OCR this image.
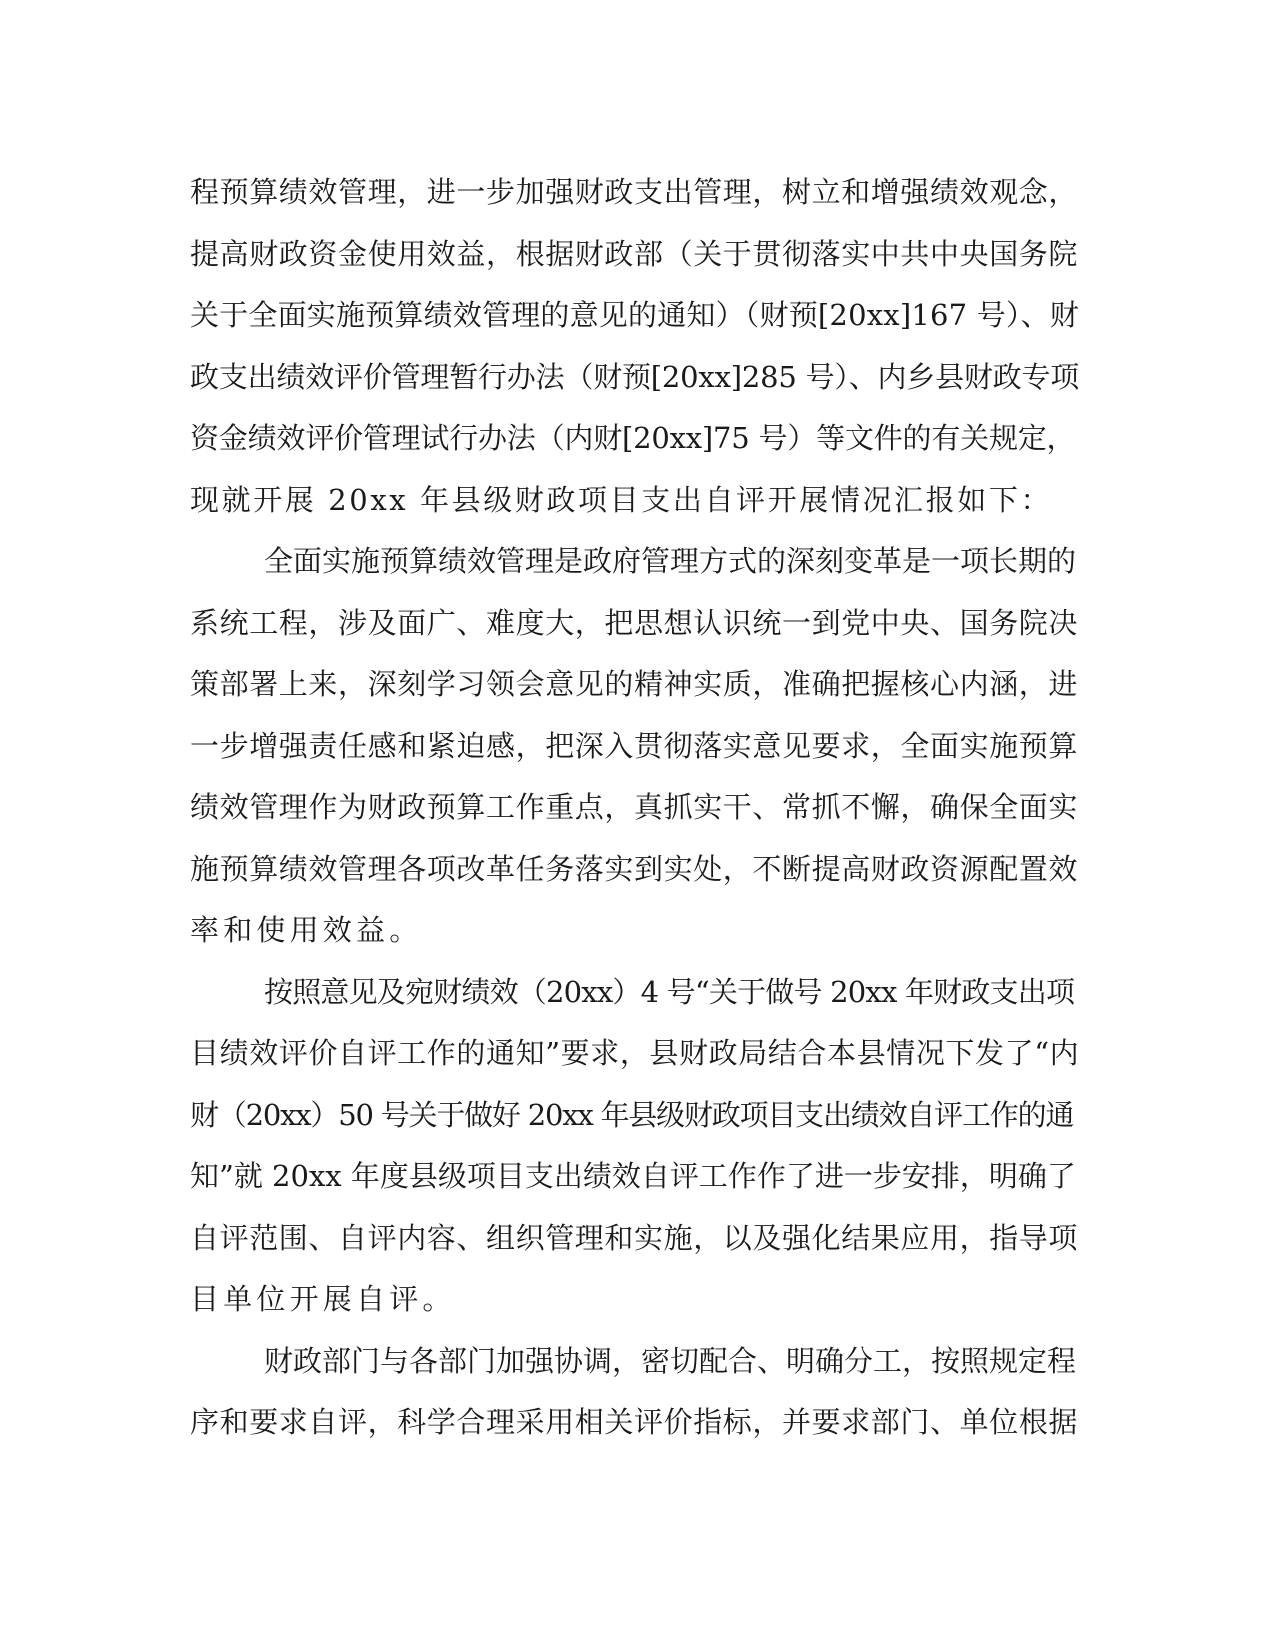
程预算绩效管理，进一步加强财政支出管理，树立和增强绩效观念，
提高财政资金使用效益，根据财政部（关于贯彻落实中共中央国务院
关于全面实施预算绩效管理的意见的通知）（财预[20xx]167 号）、财
政支出绩效评价管理暂行办法（财预[20xx]285 号）、内乡县财政专项
资金绩效评价管理试行办法（内财[20xx]75 号）等文件的有关规定，
现就开展 20xx 年县级财政项目支出自评开展情况汇报如下：
全面实施预算绩效管理是政府管理方式的深刻变革是一项长期的
系统工程，涉及面广、难度大，把思想认识统一到党中央、国务院决
策部署上来，深刻学习领会意见的精神实质，准确把握核心内涵，进
一步增强责任感和紧迫感，把深入贯彻落实意见要求，全面实施预算
绩效管理作为财政预算工作重点，真抓实干、常抓不懈，确保全面实
施预算绩效管理各项改革任务落实到实处，不断提高财政资源配置效
率和使用效益。
按照意见及宛财绩效（20xx）4 号“关于做号 20xx 年财政支出项
目绩效评价自评工作的通知”要求，县财政局结合本县情况下发了“内
财（20xx）50 号关于做好 20xx 年县级财政项目支出绩效自评工作的通
知”就 20xx 年度县级项目支出绩效自评工作作了进一步安排，明确了
自评范围、自评内容、组织管理和实施，以及强化结果应用，指导项
目单位开展自评。
财政部门与各部门加强协调，密切配合、明确分工，按照规定程
序和要求自评，科学合理采用相关评价指标，并要求部门、单位根据
